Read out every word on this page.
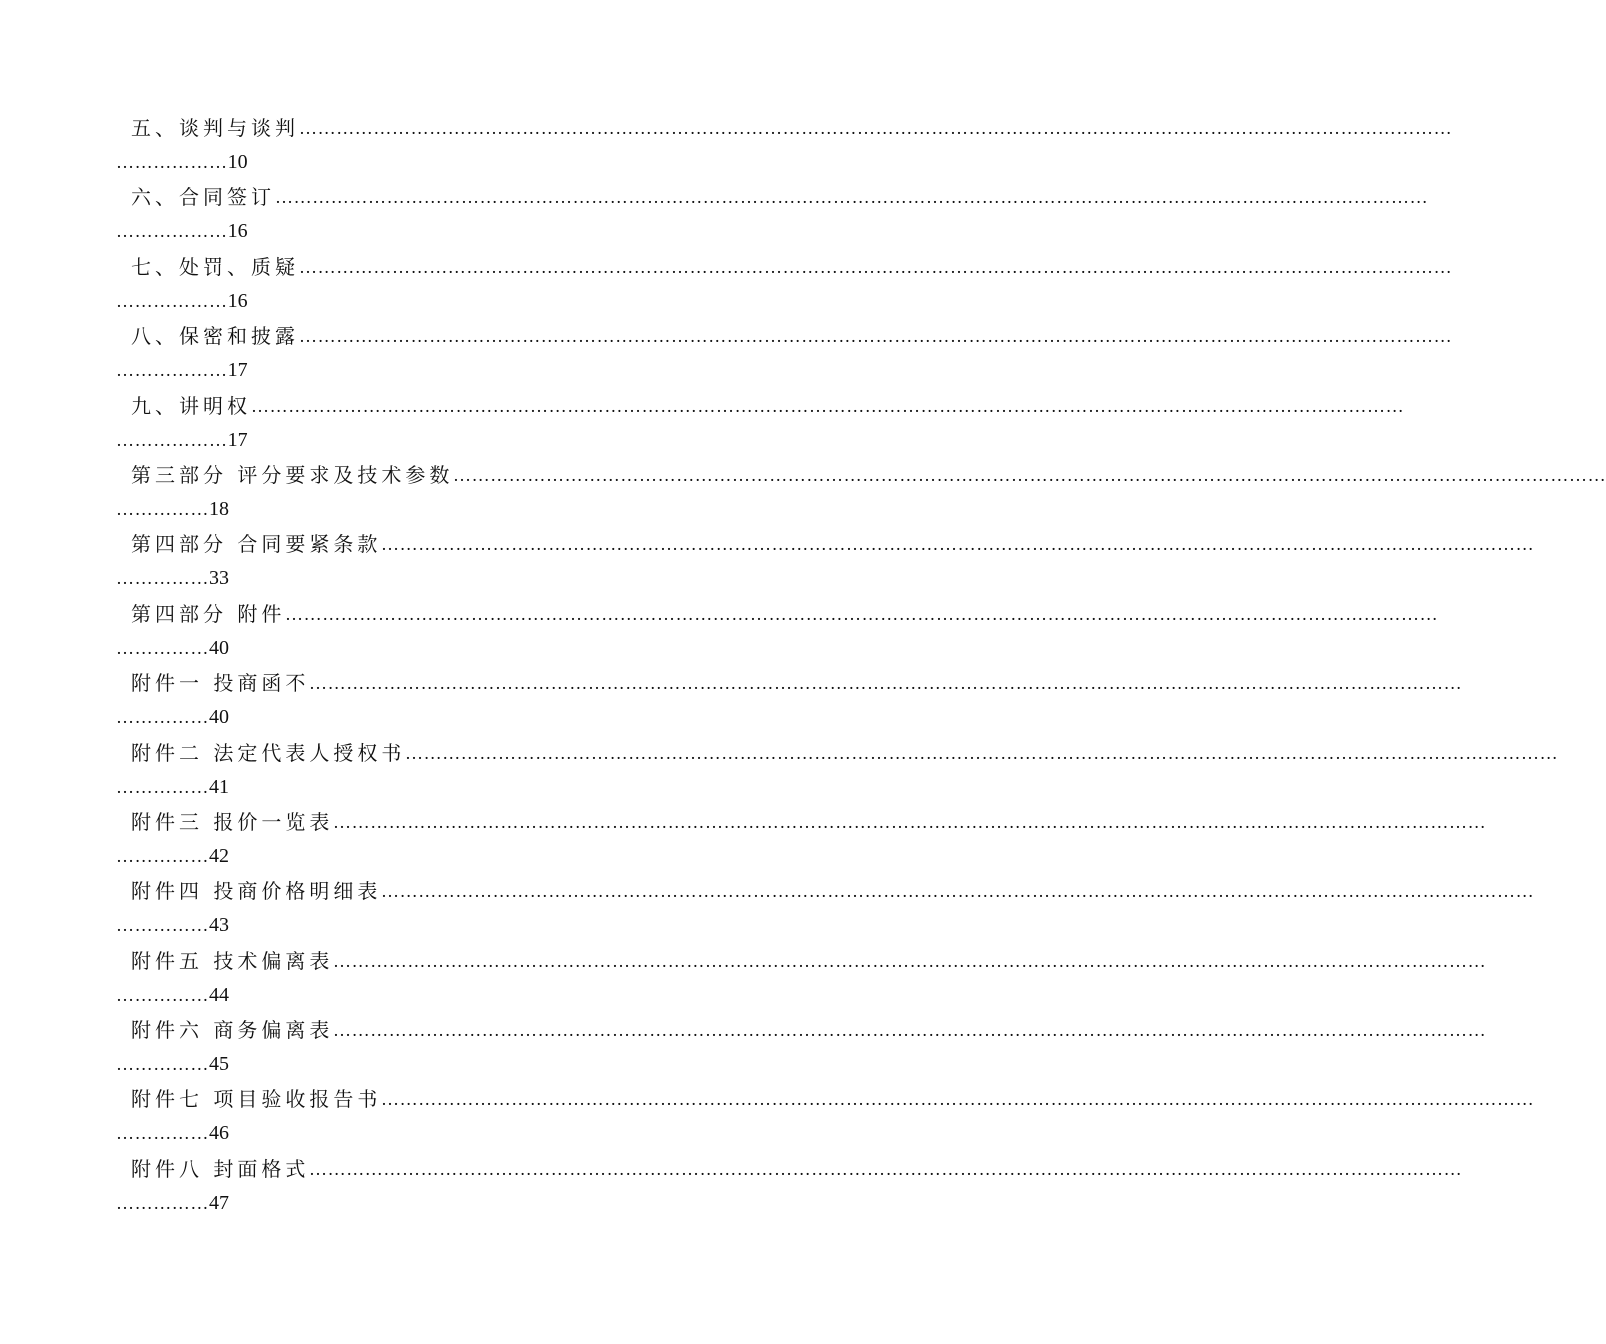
五、谈判与谈判 ……………………………………………………………………………………………………………………………………………………………………
………………10
六、合同签订 ……………………………………………………………………………………………………………………………………………………………………
………………16
七、处罚、质疑 ……………………………………………………………………………………………………………………………………………………………………
………………16
八、保密和披露 ……………………………………………………………………………………………………………………………………………………………………
………………17
九、讲明权 ……………………………………………………………………………………………………………………………………………………………………
………………17
第三部分 评分要求及技术参数 ……………………………………………………………………………………………………………………………………………………………………
……………18
第四部分 合同要紧条款 ……………………………………………………………………………………………………………………………………………………………………
……………33
第四部分 附件 ……………………………………………………………………………………………………………………………………………………………………
……………40
附件一 投商函不 ……………………………………………………………………………………………………………………………………………………………………
……………40
附件二 法定代表人授权书 ……………………………………………………………………………………………………………………………………………………………………
……………41
附件三 报价一览表 ……………………………………………………………………………………………………………………………………………………………………
……………42
附件四 投商价格明细表 ……………………………………………………………………………………………………………………………………………………………………
……………43
附件五 技术偏离表 ……………………………………………………………………………………………………………………………………………………………………
……………44
附件六 商务偏离表 ……………………………………………………………………………………………………………………………………………………………………
……………45
附件七 项目验收报告书 ……………………………………………………………………………………………………………………………………………………………………
……………46
附件八 封面格式 ……………………………………………………………………………………………………………………………………………………………………
……………47
